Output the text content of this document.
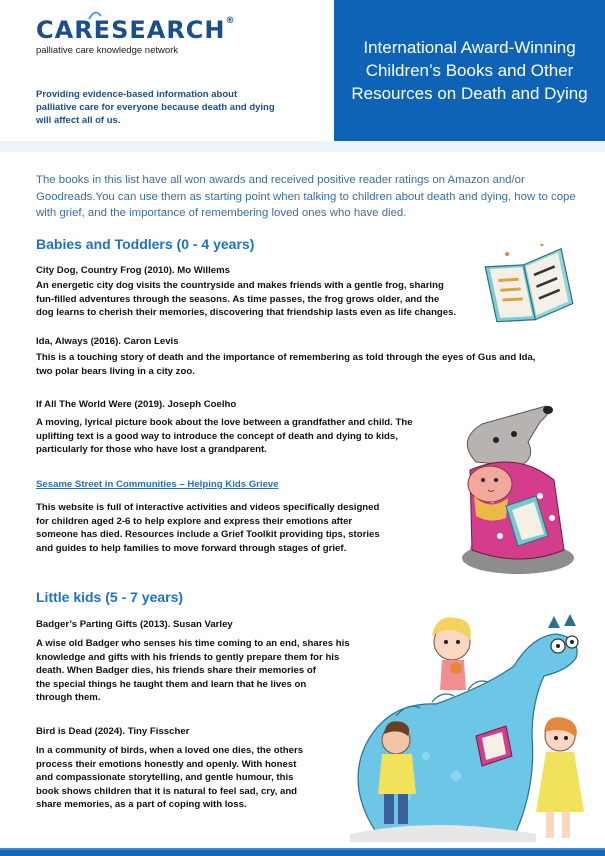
CARESEARCH®
palliative care knowledge network
Providing evidence-based information about palliative care for everyone because death and dying will affect all of us.
International Award-Winning Children’s Books and Other Resources on Death and Dying

The books in this list have all won awards and received positive reader ratings on Amazon and/or Goodreads.You can use them as starting point when talking to children about death and dying, how to cope with grief, and the importance of remembering loved ones who have died.

Babies and Toddlers (0 - 4 years)
City Dog, Country Frog (2010). Mo Willems
An energetic city dog visits the countryside and makes friends with a gentle frog, sharing
fun-filled adventures through the seasons. As time passes, the frog grows older, and the
dog learns to cherish their memories, discovering that friendship lasts even as life changes.
Ida, Always (2016). Caron Levis
This is a touching story of death and the importance of remembering as told through the eyes of Gus and Ida,
two polar bears living in a city zoo.
If All The World Were (2019). Joseph Coelho
A moving, lyrical picture book about the love between a grandfather and child. The
uplifting text is a good way to introduce the concept of death and dying to kids,
particularly for those who have lost a grandparent.
Sesame Street in Communities – Helping Kids Grieve
This website is full of interactive activities and videos specifically designed
for children aged 2-6 to help explore and express their emotions after
someone has died. Resources include a Grief Toolkit providing tips, stories
and guides to help families to move forward through stages of grief.
Little kids (5 - 7 years)
Badger’s Parting Gifts (2013). Susan Varley
A wise old Badger who senses his time coming to an end, shares his
knowledge and gifts with his friends to gently prepare them for his
death. When Badger dies, his friends share their memories of
the special things he taught them and learn that he lives on
through them.
Bird is Dead (2024). Tiny Fisscher
In a community of birds, when a loved one dies, the others
process their emotions honestly and openly. With honest
and compassionate storytelling, and gentle humour, this
book shows children that it is natural to feel sad, cry, and
share memories, as a part of coping with loss.
